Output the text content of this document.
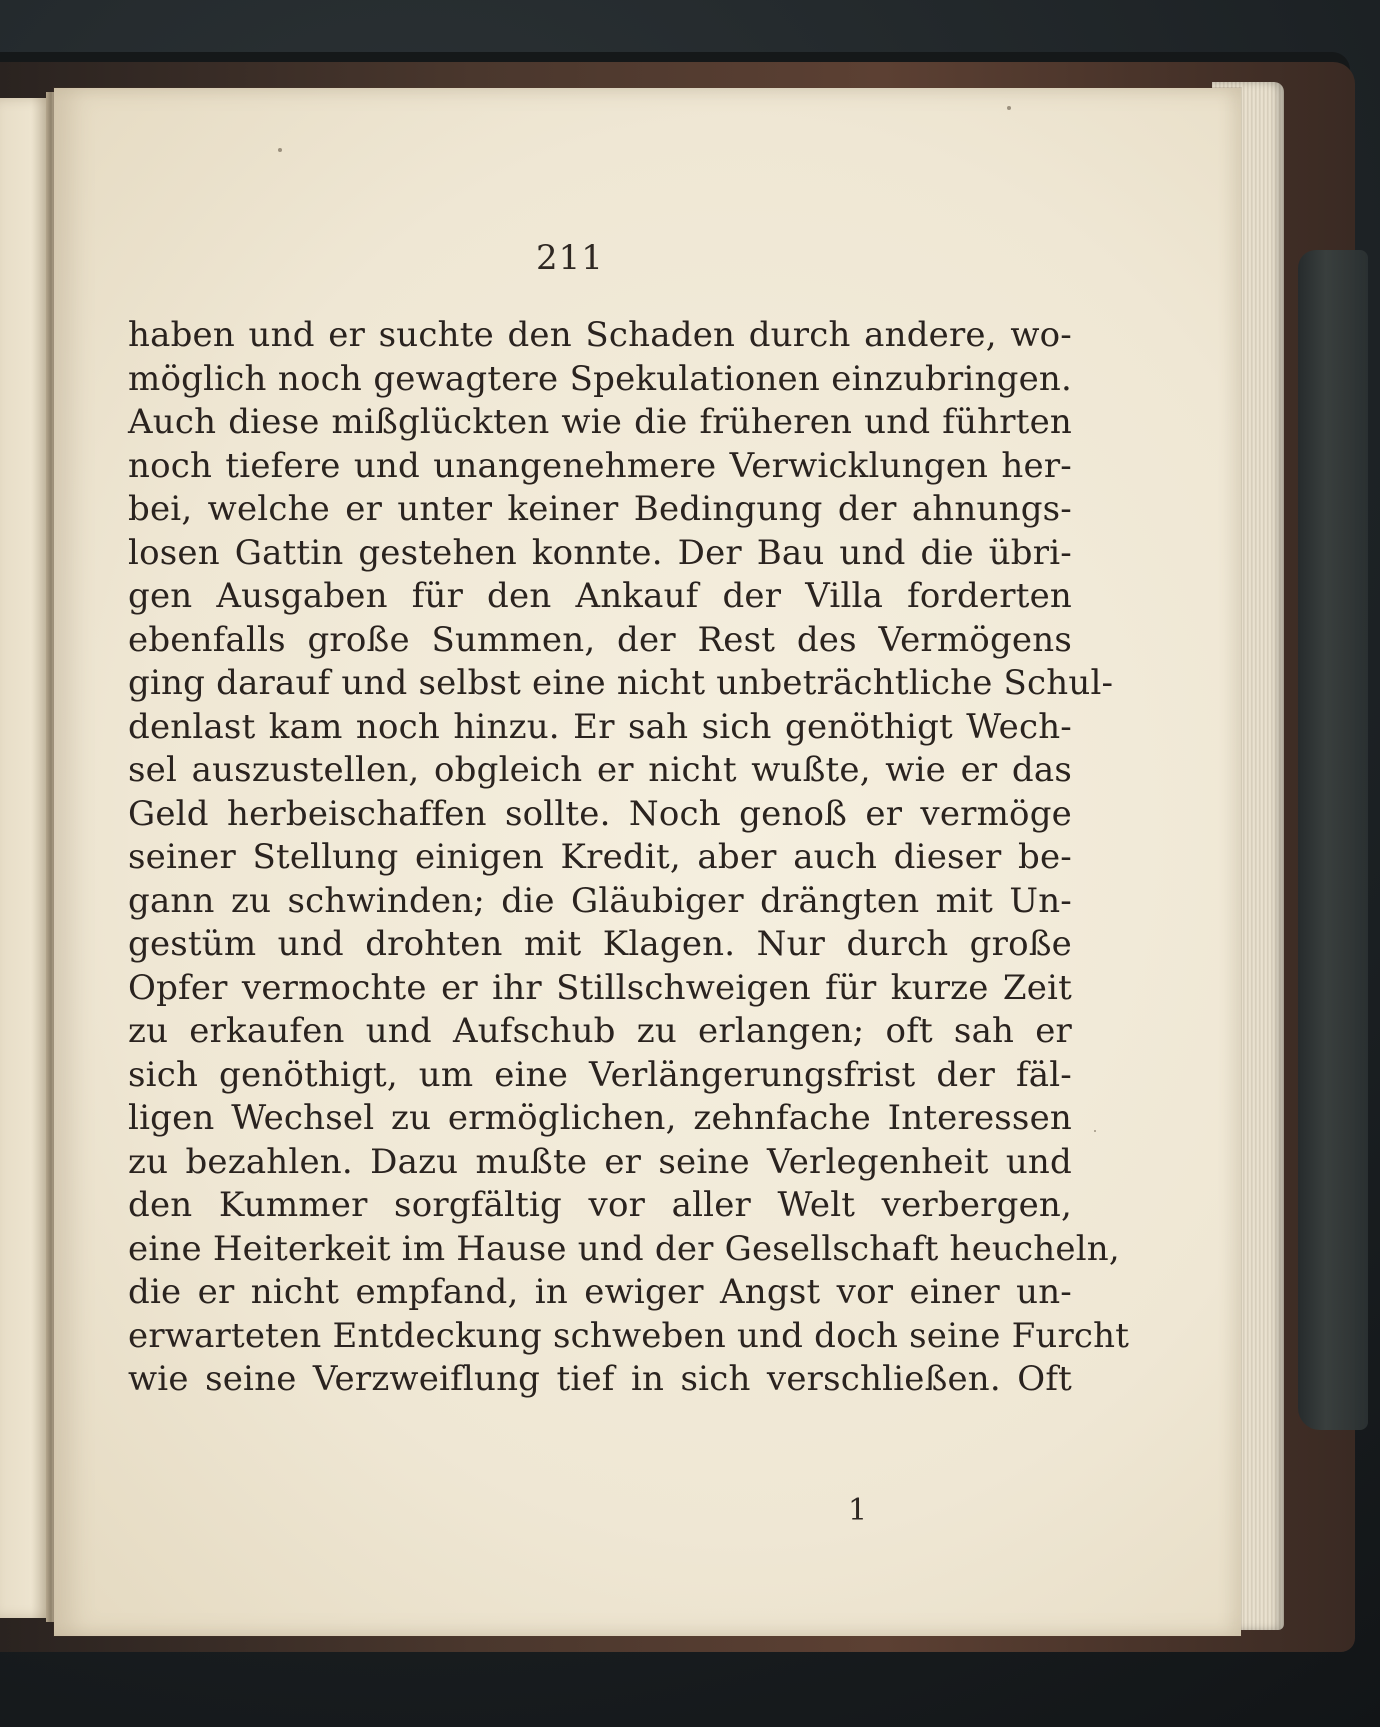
211
haben und er suchte den Schaden durch andere, wo-
möglich noch gewagtere Spekulationen einzubringen.
Auch diese mißglückten wie die früheren und führten
noch tiefere und unangenehmere Verwicklungen her-
bei, welche er unter keiner Bedingung der ahnungs-
losen Gattin gestehen konnte. Der Bau und die übri-
gen Ausgaben für den Ankauf der Villa forderten
ebenfalls große Summen, der Rest des Vermögens
ging darauf und selbst eine nicht unbeträchtliche Schul-
denlast kam noch hinzu. Er sah sich genöthigt Wech-
sel auszustellen, obgleich er nicht wußte, wie er das
Geld herbeischaffen sollte. Noch genoß er vermöge
seiner Stellung einigen Kredit, aber auch dieser be-
gann zu schwinden; die Gläubiger drängten mit Un-
gestüm und drohten mit Klagen. Nur durch große
Opfer vermochte er ihr Stillschweigen für kurze Zeit
zu erkaufen und Aufschub zu erlangen; oft sah er
sich genöthigt, um eine Verlängerungsfrist der fäl-
ligen Wechsel zu ermöglichen, zehnfache Interessen
zu bezahlen. Dazu mußte er seine Verlegenheit und
den Kummer sorgfältig vor aller Welt verbergen,
eine Heiterkeit im Hause und der Gesellschaft heucheln,
die er nicht empfand, in ewiger Angst vor einer un-
erwarteten Entdeckung schweben und doch seine Furcht
wie seine Verzweiflung tief in sich verschließen. Oft
1
